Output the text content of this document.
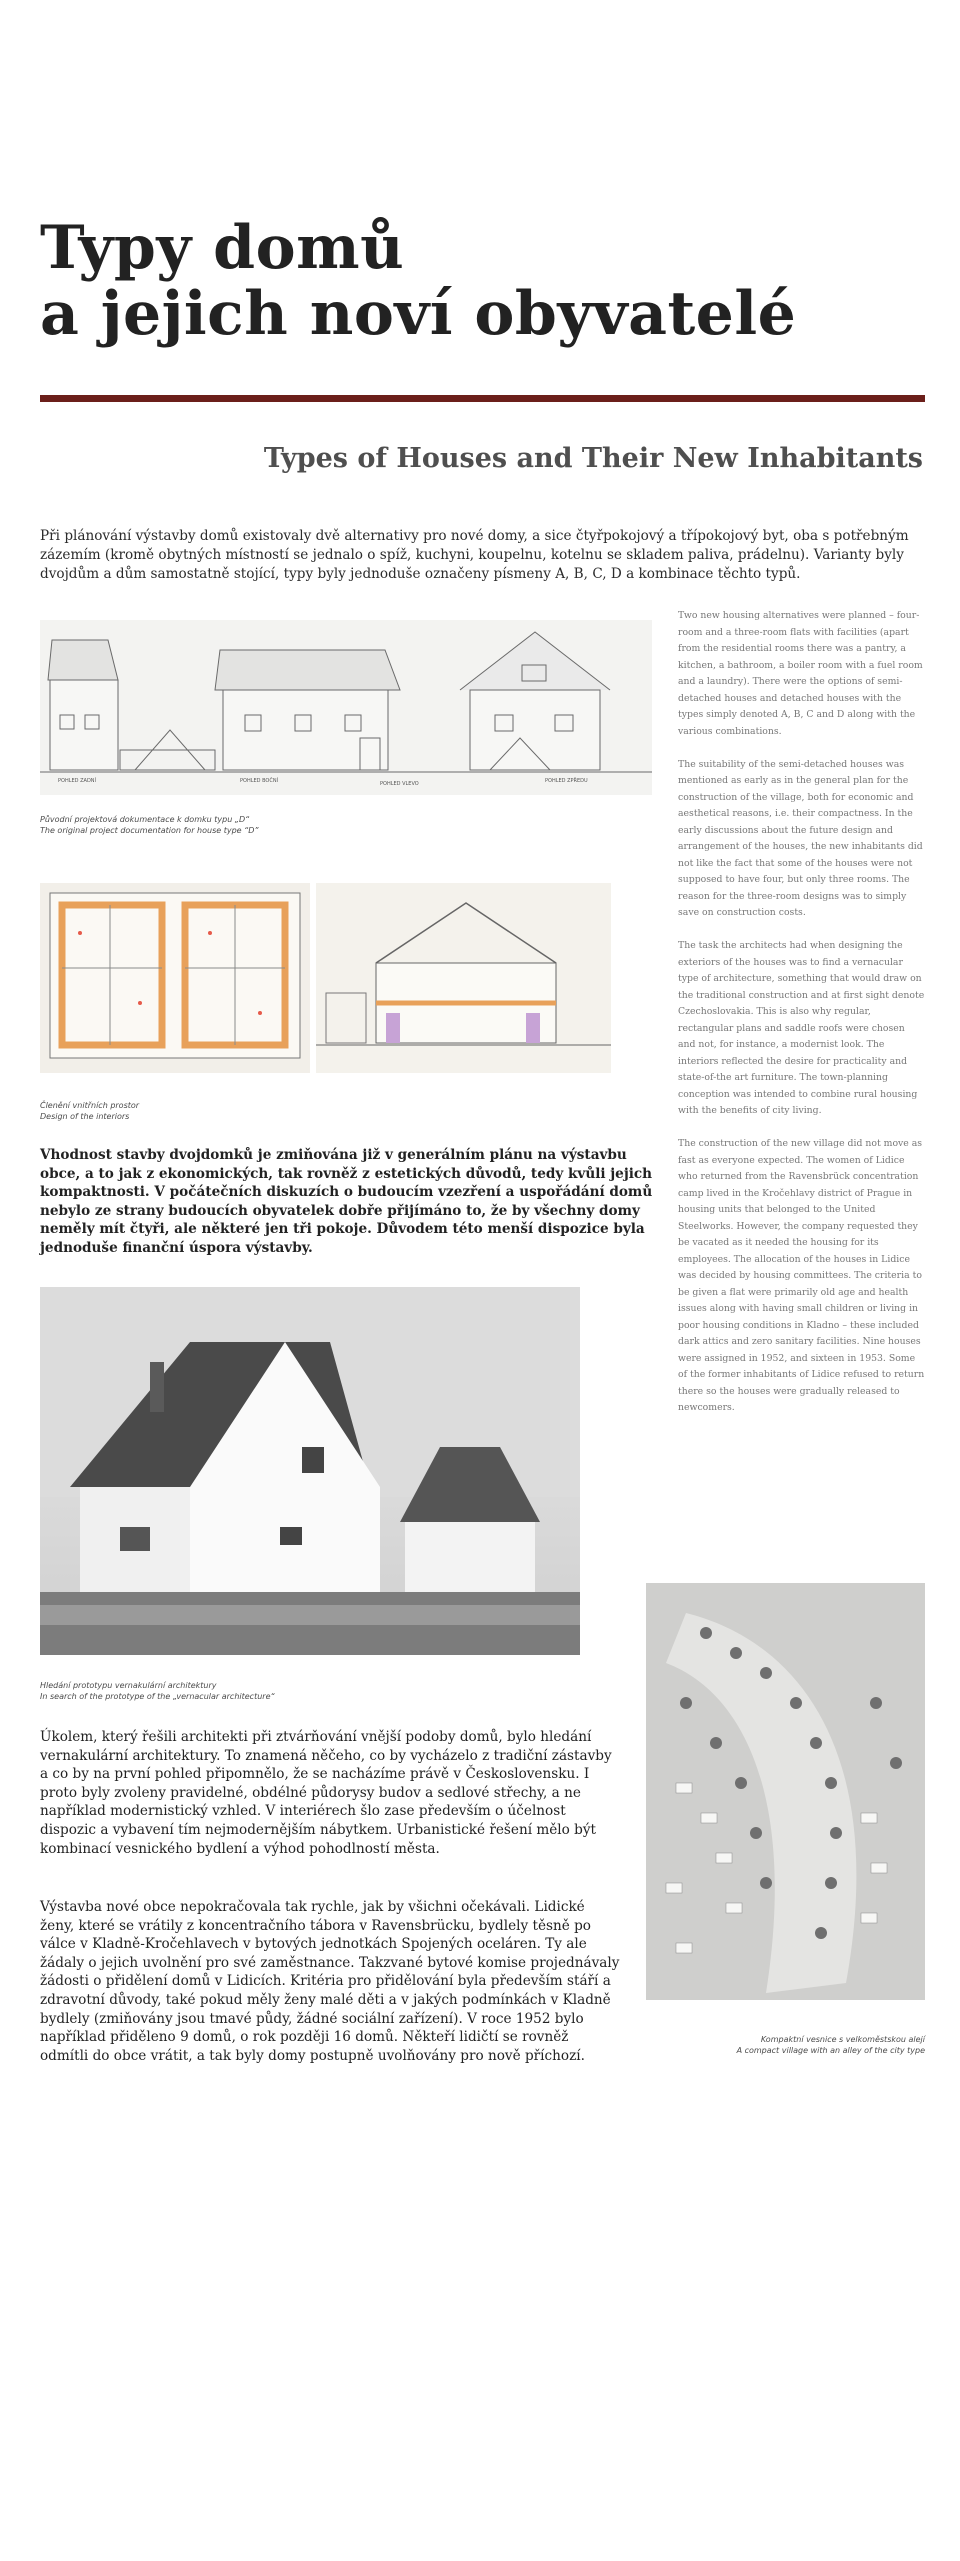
Typy domů
a jejich noví obyvatelé
Types of Houses and Their New Inhabitants
Při plánování výstavby domů existovaly dvě alternativy pro nové domy, a sice čtyřpokojový a třípokojový byt, oba s potřebným zázemím (kromě obytných místností se jednalo o spíž, kuchyni, koupelnu, kotelnu se skladem paliva, prádelnu). Varianty byly dvojdům a dům samostatně stojící, typy byly jednoduše označeny písmeny A, B, C, D a kombinace těchto typů.
POHLED ZADNÍ	POHLED BOČNÍ	POHLED VLEVO	POHLED ZPŘEDU
Původní projektová dokumentace k domku typu „D“
The original project documentation for house type “D”
Členění vnitřních prostor
Design of the interiors
Vhodnost stavby dvojdomků je zmiňována již v generálním plánu na výstavbu obce, a to jak z ekonomických, tak rovněž z estetických důvodů, tedy kvůli jejich kompaktnosti. V počátečních diskuzích o budoucím vzezření a uspořádání domů nebylo ze strany budoucích obyvatelek dobře přijímáno to, že by všechny domy neměly mít čtyři, ale některé jen tři pokoje. Důvodem této menší dispozice byla jednoduše finanční úspora výstavby.
Hledání prototypu vernakulární architektury
In search of the prototype of the „vernacular architecture“

Two new housing alternatives were planned – four-room and a three-room flats with facilities (apart from the residential rooms there was a pantry, a kitchen, a bathroom, a boiler room with a fuel room and a laundry). There were the options of semi-detached houses and detached houses with the types simply denoted A, B, C and D along with the various combinations.

The suitability of the semi-detached houses was mentioned as early as in the general plan for the construction of the village, both for economic and aesthetical reasons, i.e. their compactness. In the early discussions about the future design and arrangement of the houses, the new inhabitants did not like the fact that some of the houses were not supposed to have four, but only three rooms. The reason for the three-room designs was to simply save on construction costs.

The task the architects had when designing the exteriors of the houses was to find a vernacular type of architecture, something that would draw on the traditional construction and at first sight denote Czechoslovakia. This is also why regular, rectangular plans and saddle roofs were chosen and not, for instance, a modernist look. The interiors reflected the desire for practicality and state-of-the art furniture. The town-planning conception was intended to combine rural housing with the benefits of city living.

The construction of the new village did not move as fast as everyone expected. The women of Lidice who returned from the Ravensbrück concentration camp lived in the Kročehlavy district of Prague in housing units that belonged to the United Steelworks. However, the company requested they be vacated as it needed the housing for its employees. The allocation of the houses in Lidice was decided by housing committees. The criteria to be given a flat were primarily old age and health issues along with having small children or living in poor housing conditions in Kladno – these included dark attics and zero sanitary facilities. Nine houses were assigned in 1952, and sixteen in 1953. Some of the former inhabitants of Lidice refused to return there so the houses were gradually released to newcomers.

Kompaktní vesnice s velkoměstskou alejí
A compact village with an alley of the city type
Úkolem, který řešili architekti při ztvárňování vnější podoby domů, bylo hledání vernakulární architektury. To znamená něčeho, co by vycházelo z tradiční zástavby a co by na první pohled připomnělo, že se nacházíme právě v Československu. I proto byly zvoleny pravidelné, obdélné půdorysy budov a sedlové střechy, a ne například modernistický vzhled. V interiérech šlo zase především o účelnost dispozic a vybavení tím nejmodernějším nábytkem. Urbanistické řešení mělo být kombinací vesnického bydlení a výhod pohodlností města.
Výstavba nové obce nepokračovala tak rychle, jak by všichni očekávali. Lidické ženy, které se vrátily z koncentračního tábora v Ravensbrücku, bydlely těsně po válce v Kladně-Kročehlavech v bytových jednotkách Spojených oceláren. Ty ale žádaly o jejich uvolnění pro své zaměstnance. Takzvané bytové komise projednávaly žádosti o přidělení domů v Lidicích. Kritéria pro přidělování byla především stáří a zdravotní důvody, také pokud měly ženy malé děti a v jakých podmínkách v Kladně bydlely (zmiňovány jsou tmavé půdy, žádné sociální zařízení). V roce 1952 bylo například přiděleno 9 domů, o rok později 16 domů. Někteří lidičtí se rovněž odmítli do obce vrátit, a tak byly domy postupně uvolňovány pro nově příchozí.
